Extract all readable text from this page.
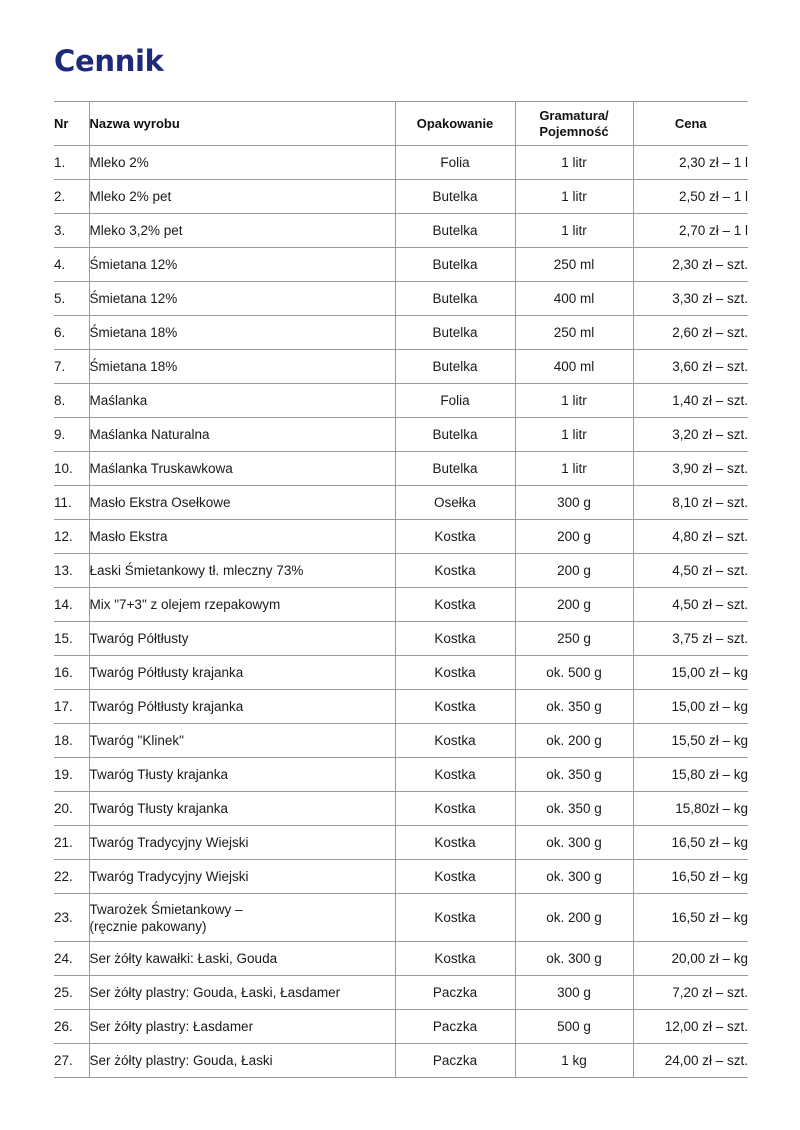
Cennik
Nr	Nazwa wyrobu	Opakowanie	Gramatura/
Pojemność	Cena
1.	Mleko 2%	Folia	1 litr	2,30 zł – 1 l
2.	Mleko 2% pet	Butelka	1 litr	2,50 zł – 1 l
3.	Mleko 3,2% pet	Butelka	1 litr	2,70 zł – 1 l
4.	Śmietana 12%	Butelka	250 ml	2,30 zł – szt.
5.	Śmietana 12%	Butelka	400 ml	3,30 zł – szt.
6.	Śmietana 18%	Butelka	250 ml	2,60 zł – szt.
7.	Śmietana 18%	Butelka	400 ml	3,60 zł – szt.
8.	Maślanka	Folia	1 litr	1,40 zł – szt.
9.	Maślanka Naturalna	Butelka	1 litr	3,20 zł – szt.
10.	Maślanka Truskawkowa	Butelka	1 litr	3,90 zł – szt.
11.	Masło Ekstra Osełkowe	Osełka	300 g	8,10 zł – szt.
12.	Masło Ekstra	Kostka	200 g	4,80 zł – szt.
13.	Łaski Śmietankowy tł. mleczny 73%	Kostka	200 g	4,50 zł – szt.
14.	Mix "7+3" z olejem rzepakowym	Kostka	200 g	4,50 zł – szt.
15.	Twaróg Półtłusty	Kostka	250 g	3,75 zł – szt.
16.	Twaróg Półtłusty krajanka	Kostka	ok. 500 g	15,00 zł – kg
17.	Twaróg Półtłusty krajanka	Kostka	ok. 350 g	15,00 zł – kg
18.	Twaróg "Klinek"	Kostka	ok. 200 g	15,50 zł – kg
19.	Twaróg Tłusty krajanka	Kostka	ok. 350 g	15,80 zł – kg
20.	Twaróg Tłusty krajanka	Kostka	ok. 350 g	15,80zł – kg
21.	Twaróg Tradycyjny Wiejski	Kostka	ok. 300 g	16,50 zł – kg
22.	Twaróg Tradycyjny Wiejski	Kostka	ok. 300 g	16,50 zł – kg
23.	Twarożek Śmietankowy –
(ręcznie pakowany)	Kostka	ok. 200 g	16,50 zł – kg
24.	Ser żółty kawałki: Łaski, Gouda	Kostka	ok. 300 g	20,00 zł – kg
25.	Ser żółty plastry: Gouda, Łaski, Łasdamer	Paczka	300 g	7,20 zł – szt.
26.	Ser żółty plastry: Łasdamer	Paczka	500 g	12,00 zł – szt.
27.	Ser żółty plastry: Gouda, Łaski	Paczka	1 kg	24,00 zł – szt.
